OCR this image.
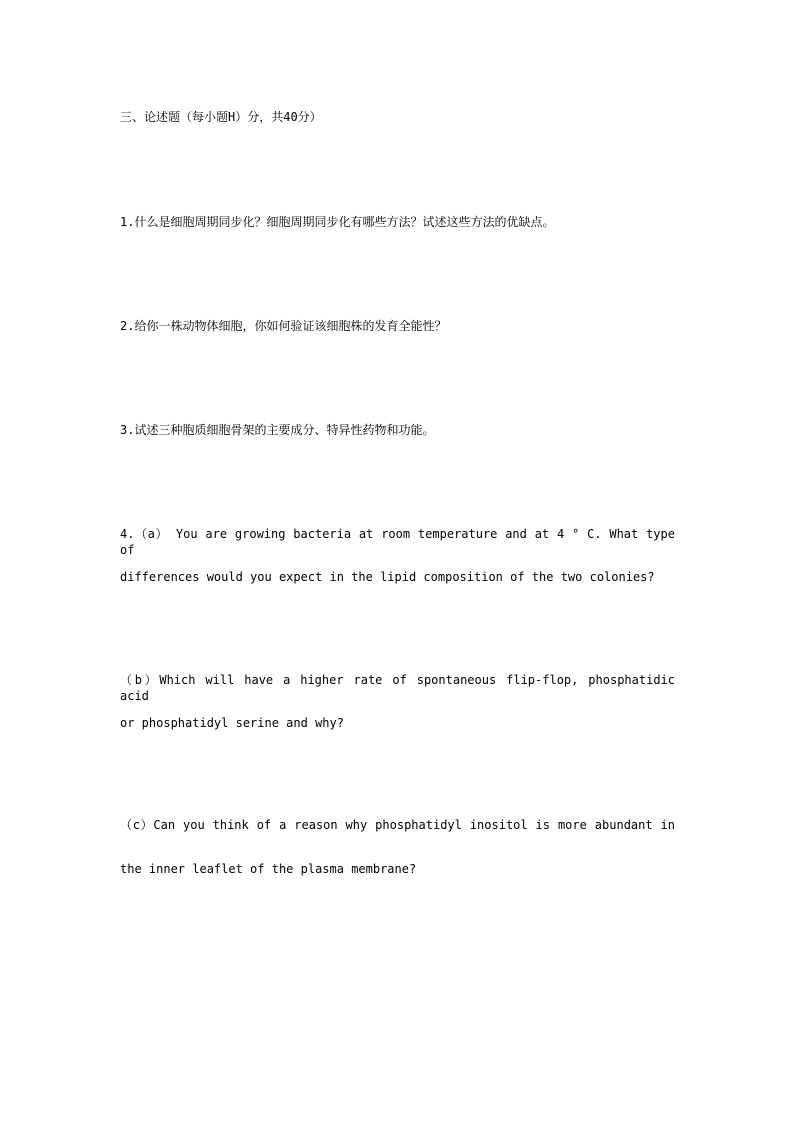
三、论述题（每小题H）分，共40分）
1.什么是细胞周期同步化？细胞周期同步化有哪些方法？试述这些方法的优缺点。
2.给你一株动物体细胞，你如何验证该细胞株的发育全能性？
3.试述三种胞质细胞骨架的主要成分、特异性药物和功能。
4.（a） You are growing bacteria at room temperature and at 4 ° C. What type of
differences would you expect in the lipid composition of the two colonies?
（b）Which will have a higher rate of spontaneous flip-flop, phosphatidic acid
or phosphatidyl serine and why?
（c）Can you think of a reason why phosphatidyl inositol is more abundant in
the inner leaflet of the plasma membrane?
